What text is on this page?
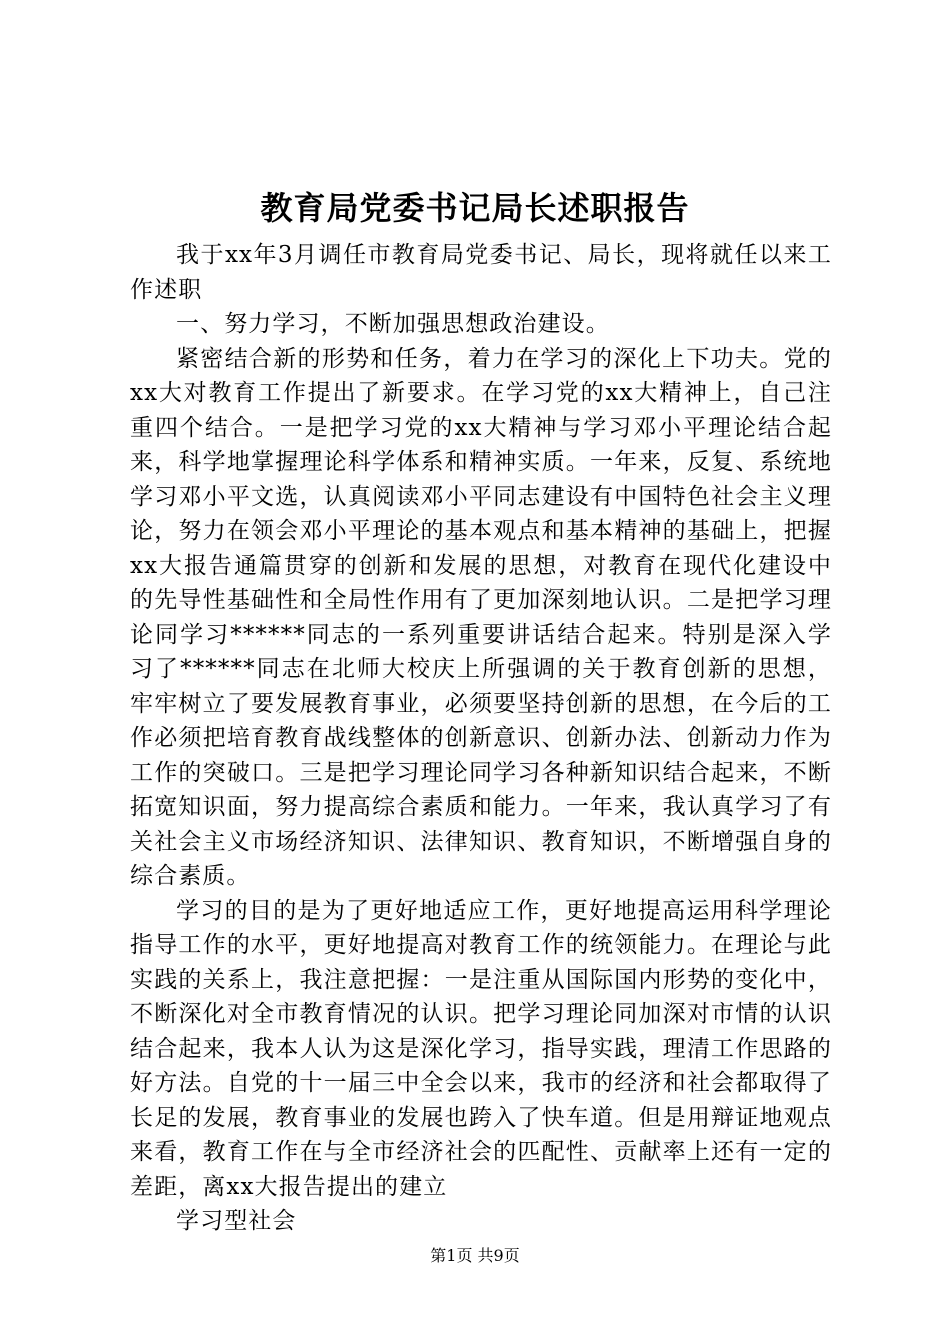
教育局党委书记局长述职报告

我于xx年3月调任市教育局党委书记、局长，现将就任以来工作述职

一、努力学习，不断加强思想政治建设。

紧密结合新的形势和任务，着力在学习的深化上下功夫。党的xx大对教育工作提出了新要求。在学习党的xx大精神上，自己注重四个结合。一是把学习党的xx大精神与学习邓小平理论结合起来，科学地掌握理论科学体系和精神实质。一年来，反复、系统地学习邓小平文选，认真阅读邓小平同志建设有中国特色社会主义理论，努力在领会邓小平理论的基本观点和基本精神的基础上，把握xx大报告通篇贯穿的创新和发展的思想，对教育在现代化建设中的先导性基础性和全局性作用有了更加深刻地认识。二是把学习理论同学习******同志的一系列重要讲话结合起来。特别是深入学习了******同志在北师大校庆上所强调的关于教育创新的思想，牢牢树立了要发展教育事业，必须要坚持创新的思想，在今后的工作必须把培育教育战线整体的创新意识、创新办法、创新动力作为工作的突破口。三是把学习理论同学习各种新知识结合起来，不断拓宽知识面，努力提高综合素质和能力。一年来，我认真学习了有关社会主义市场经济知识、法律知识、教育知识，不断增强自身的综合素质。

学习的目的是为了更好地适应工作，更好地提高运用科学理论指导工作的水平，更好地提高对教育工作的统领能力。在理论与此实践的关系上，我注意把握：一是注重从国际国内形势的变化中，不断深化对全市教育情况的认识。把学习理论同加深对市情的认识结合起来，我本人认为这是深化学习，指导实践，理清工作思路的好方法。自党的十一届三中全会以来，我市的经济和社会都取得了长足的发展，教育事业的发展也跨入了快车道。但是用辩证地观点来看，教育工作在与全市经济社会的匹配性、贡献率上还有一定的差距，离xx大报告提出的建立

学习型社会

第1页 共9页
